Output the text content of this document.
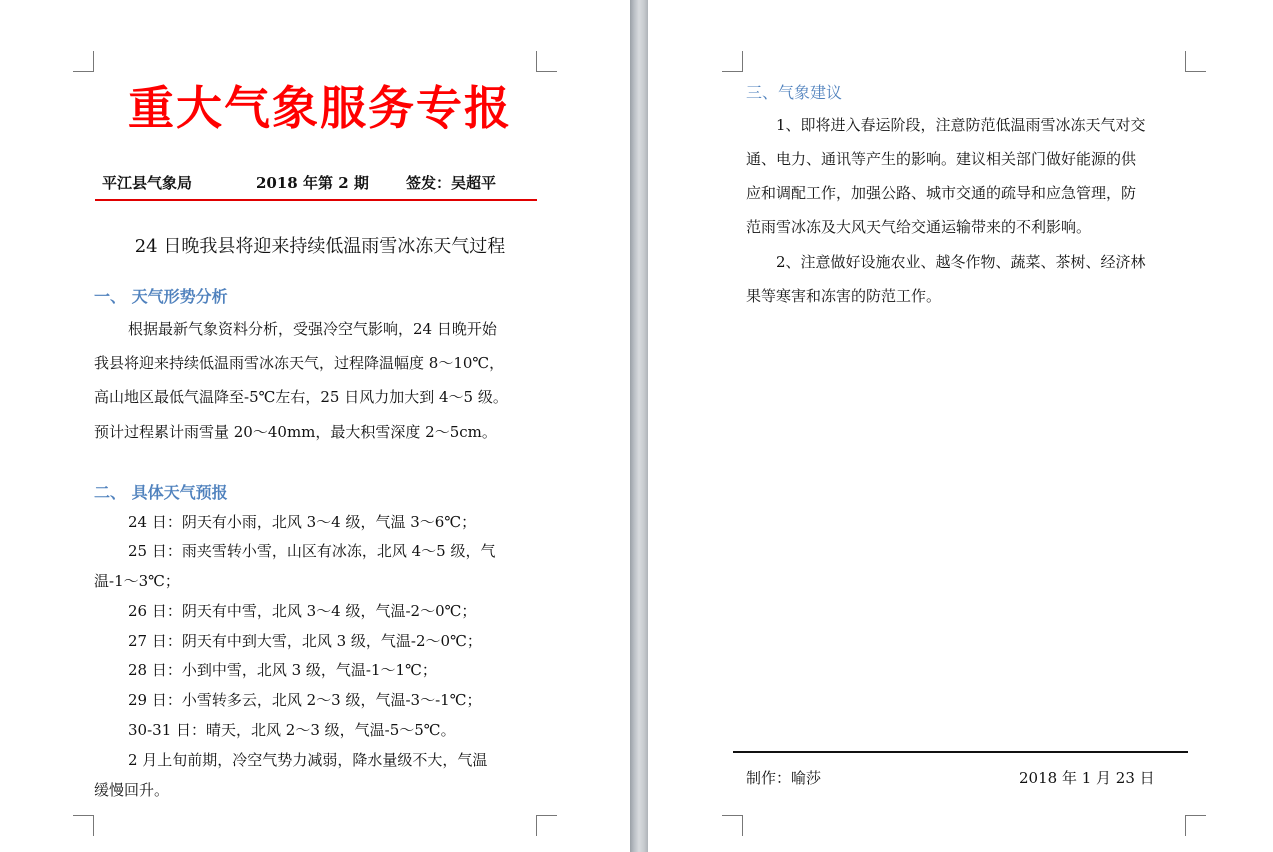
重大气象服务专报
平江县气象局	2018 年第 2 期 签发：吴超平
24 日晚我县将迎来持续低温雨雪冰冻天气过程
一、 天气形势分析
根据最新气象资料分析，受强冷空气影响，24 日晚开始
我县将迎来持续低温雨雪冰冻天气，过程降温幅度 8～10℃，
高山地区最低气温降至-5℃左右，25 日风力加大到 4～5 级。
预计过程累计雨雪量 20～40mm，最大积雪深度 2～5cm。
二、 具体天气预报
24 日：阴天有小雨，北风 3～4 级，气温 3～6℃；
25 日：雨夹雪转小雪，山区有冰冻，北风 4～5 级，气
温-1～3℃；
26 日：阴天有中雪，北风 3～4 级，气温-2～0℃；
27 日：阴天有中到大雪，北风 3 级，气温-2～0℃；
28 日：小到中雪，北风 3 级，气温-1～1℃；
29 日：小雪转多云，北风 2～3 级，气温-3～-1℃；
30-31 日：晴天，北风 2～3 级，气温-5～5℃。
2 月上旬前期，冷空气势力减弱，降水量级不大，气温
缓慢回升。
三、气象建议
1、即将进入春运阶段，注意防范低温雨雪冰冻天气对交
通、电力、通讯等产生的影响。建议相关部门做好能源的供
应和调配工作，加强公路、城市交通的疏导和应急管理，防
范雨雪冰冻及大风天气给交通运输带来的不利影响。
2、注意做好设施农业、越冬作物、蔬菜、茶树、经济林
果等寒害和冻害的防范工作。
制作：喻莎	2018 年 1 月 23 日
